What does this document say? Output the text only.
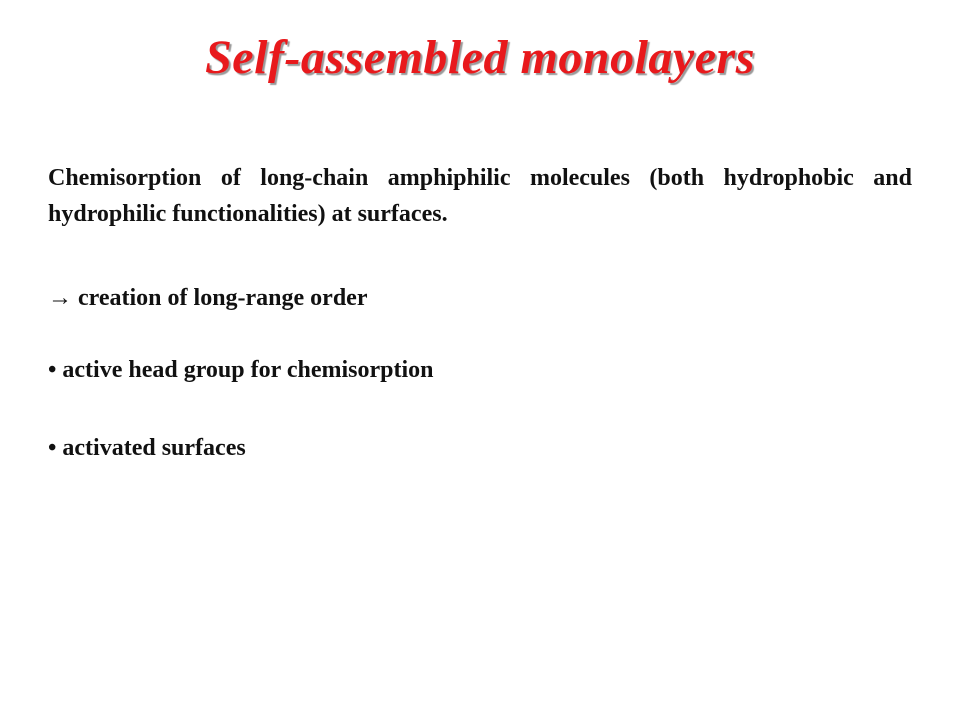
Self-assembled monolayers

Chemisorption of long-chain amphiphilic molecules (both hydrophobic and hydrophilic functionalities) at surfaces.

→ creation of long-range order

• active head group for chemisorption

• activated surfaces
